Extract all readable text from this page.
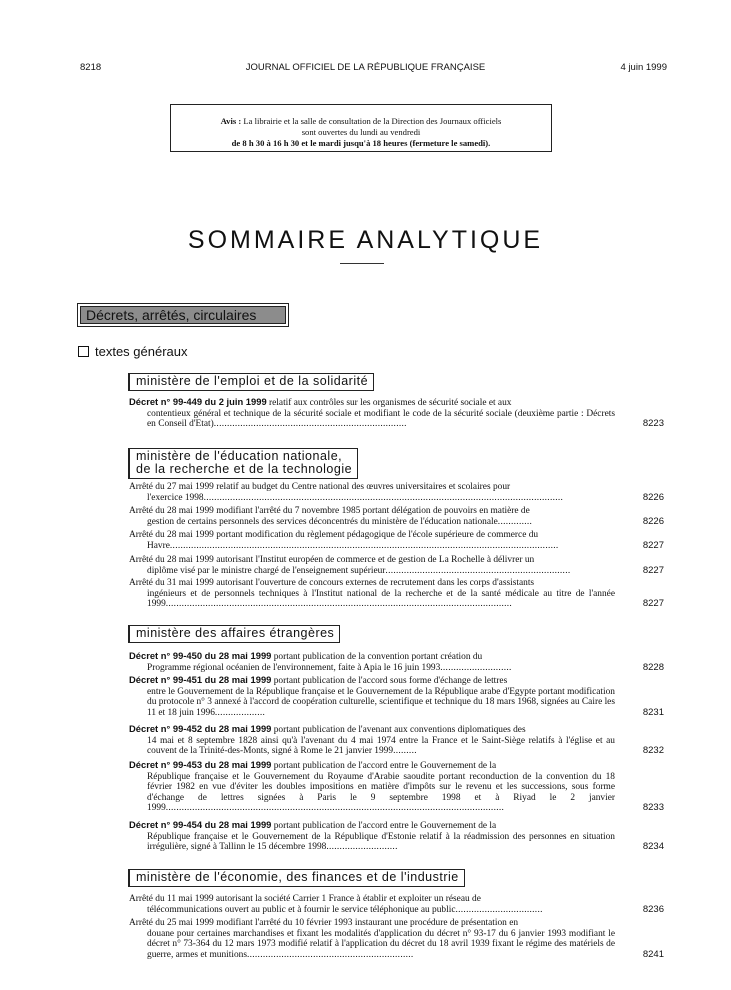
8218	JOURNAL OFFICIEL DE LA RÉPUBLIQUE FRANÇAISE	4 juin 1999
Avis : La librairie et la salle de consultation de la Direction des Journaux officiels
sont ouvertes du lundi au vendredi
de 8 h 30 à 16 h 30 et le mardi jusqu'à 18 heures (fermeture le samedi).
SOMMAIRE ANALYTIQUE
Décrets, arrêtés, circulaires
textes généraux
ministère de l'emploi et de la solidarité
Décret n° 99-449 du 2 juin 1999 relatif aux contrôles sur les organismes de sécurité sociale et aux
contentieux général et technique de la sécurité sociale et modifiant le code de la sécurité sociale (deuxième partie : Décrets en Conseil d'Etat).........................................................................	8223
ministère de l'éducation nationale,
de la recherche et de la technologie
Arrêté du 27 mai 1999 relatif au budget du Centre national des œuvres universitaires et scolaires pour
l'exercice 1998........................................................................................................................................	8226
Arrêté du 28 mai 1999 modifiant l'arrêté du 7 novembre 1985 portant délégation de pouvoirs en matière de
gestion de certains personnels des services déconcentrés du ministère de l'éducation nationale.............	8226
Arrêté du 28 mai 1999 portant modification du règlement pédagogique de l'école supérieure de commerce du
Havre...................................................................................................................................................	8227
Arrêté du 28 mai 1999 autorisant l'Institut européen de commerce et de gestion de La Rochelle à délivrer un
diplôme visé par le ministre chargé de l'enseignement supérieur......................................................................	8227
Arrêté du 31 mai 1999 autorisant l'ouverture de concours externes de recrutement dans les corps d'assistants
ingénieurs et de personnels techniques à l'Institut national de la recherche et de la santé médicale au titre de l'année 1999...................................................................................................................................	8227
ministère des affaires étrangères
Décret n° 99-450 du 28 mai 1999 portant publication de la convention portant création du
Programme régional océanien de l'environnement, faite à Apia le 16 juin 1993...........................	8228
Décret n° 99-451 du 28 mai 1999 portant publication de l'accord sous forme d'échange de lettres
entre le Gouvernement de la République française et le Gouvernement de la République arabe d'Egypte portant modification du protocole n° 3 annexé à l'accord de coopération culturelle, scientifique et technique du 18 mars 1968, signées au Caire les 11 et 18 juin 1996...................	8231
Décret n° 99-452 du 28 mai 1999 portant publication de l'avenant aux conventions diplomatiques des
14 mai et 8 septembre 1828 ainsi qu'à l'avenant du 4 mai 1974 entre la France et le Saint-Siège relatifs à l'église et au couvent de la Trinité-des-Monts, signé à Rome le 21 janvier 1999.........	8232
Décret n° 99-453 du 28 mai 1999 portant publication de l'accord entre le Gouvernement de la
République française et le Gouvernement du Royaume d'Arabie saoudite portant reconduction de la convention du 18 février 1982 en vue d'éviter les doubles impositions en matière d'impôts sur le revenu et les successions, sous forme d'échange de lettres signées à Paris le 9 septembre 1998 et à Riyad le 2 janvier 1999................................................................................................................................	8233
Décret n° 99-454 du 28 mai 1999 portant publication de l'accord entre le Gouvernement de la
République française et le Gouvernement de la République d'Estonie relatif à la réadmission des personnes en situation irrégulière, signé à Tallinn le 15 décembre 1998...........................	8234
ministère de l'économie, des finances et de l'industrie
Arrêté du 11 mai 1999 autorisant la société Carrier 1 France à établir et exploiter un réseau de
télécommunications ouvert au public et à fournir le service téléphonique au public.................................	8236
Arrêté du 25 mai 1999 modifiant l'arrêté du 10 février 1993 instaurant une procédure de présentation en
douane pour certaines marchandises et fixant les modalités d'application du décret n° 93-17 du 6 janvier 1993 modifiant le décret n° 73-364 du 12 mars 1973 modifié relatif à l'application du décret du 18 avril 1939 fixant le régime des matériels de guerre, armes et munitions...............................................................	8241
